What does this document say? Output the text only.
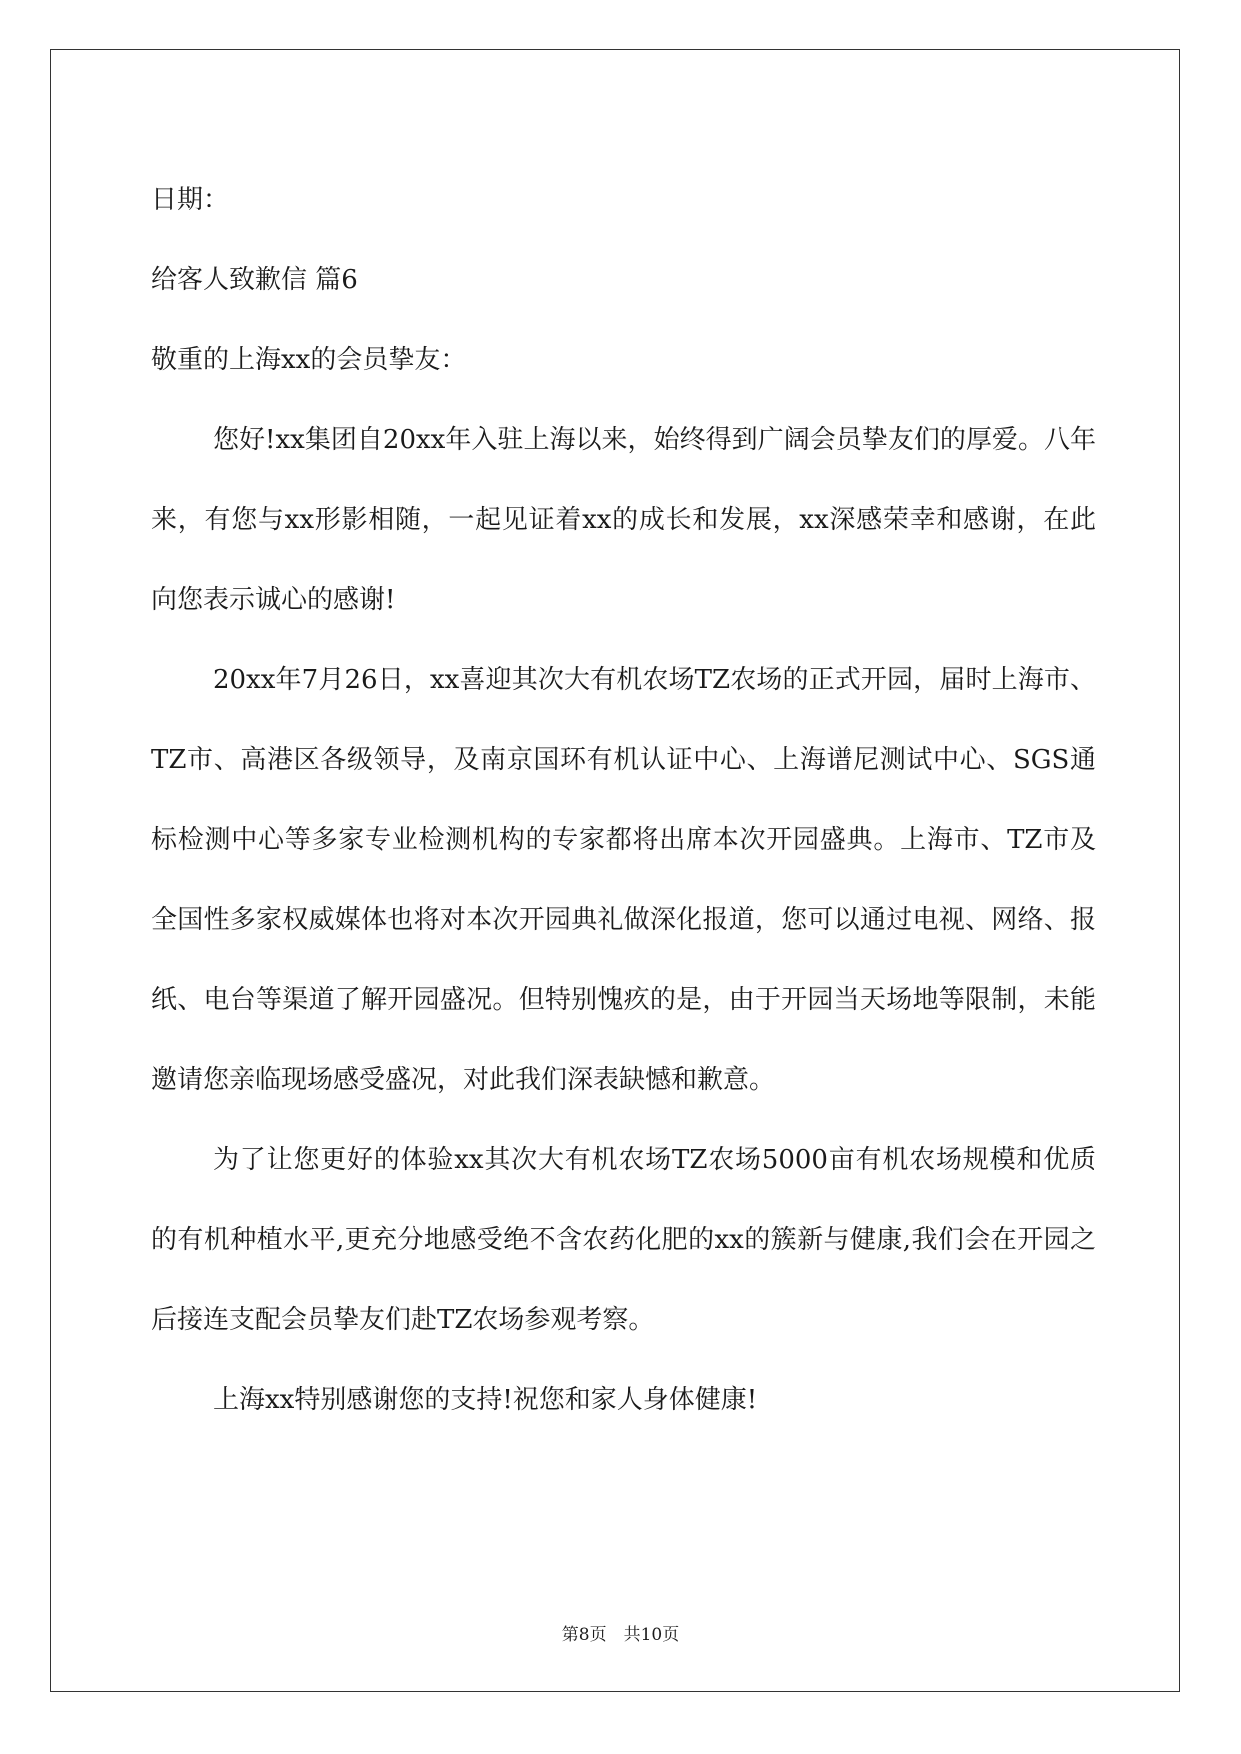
日期：

给客人致歉信 篇6

敬重的上海xx的会员挚友：

您好!xx集团自20xx年入驻上海以来，始终得到广阔会员挚友们的厚爱。八年来，有您与xx形影相随，一起见证着xx的成长和发展，xx深感荣幸和感谢，在此向您表示诚心的感谢!

20xx年7月26日，xx喜迎其次大有机农场TZ农场的正式开园，届时上海市、TZ市、高港区各级领导，及南京国环有机认证中心、上海谱尼测试中心、SGS通标检测中心等多家专业检测机构的专家都将出席本次开园盛典。上海市、TZ市及全国性多家权威媒体也将对本次开园典礼做深化报道，您可以通过电视、网络、报纸、电台等渠道了解开园盛况。但特别愧疚的是，由于开园当天场地等限制，未能邀请您亲临现场感受盛况，对此我们深表缺憾和歉意。

为了让您更好的体验xx其次大有机农场TZ农场5000亩有机农场规模和优质的有机种植水平,更充分地感受绝不含农药化肥的xx的簇新与健康,我们会在开园之后接连支配会员挚友们赴TZ农场参观考察。

上海xx特别感谢您的支持!祝您和家人身体健康!

第8页　共10页
